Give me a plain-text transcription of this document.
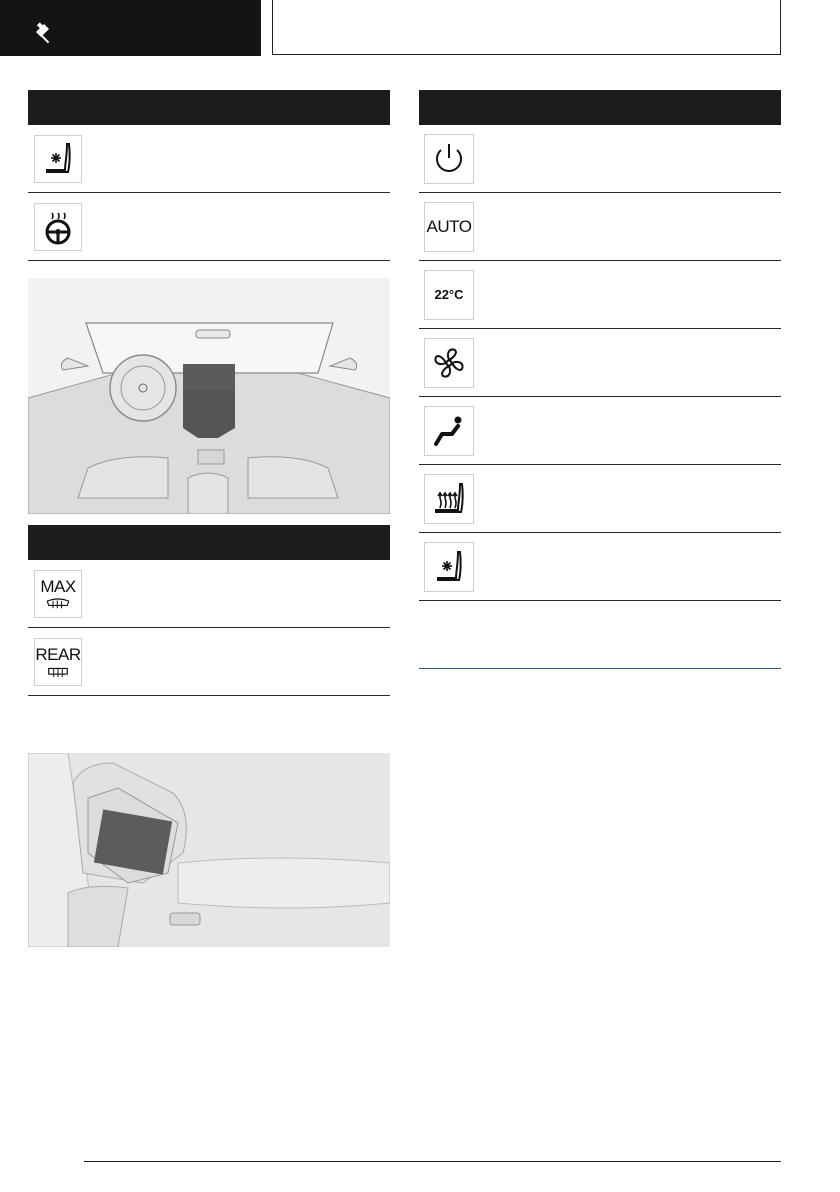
MAX
REAR
AUTO
22°C
